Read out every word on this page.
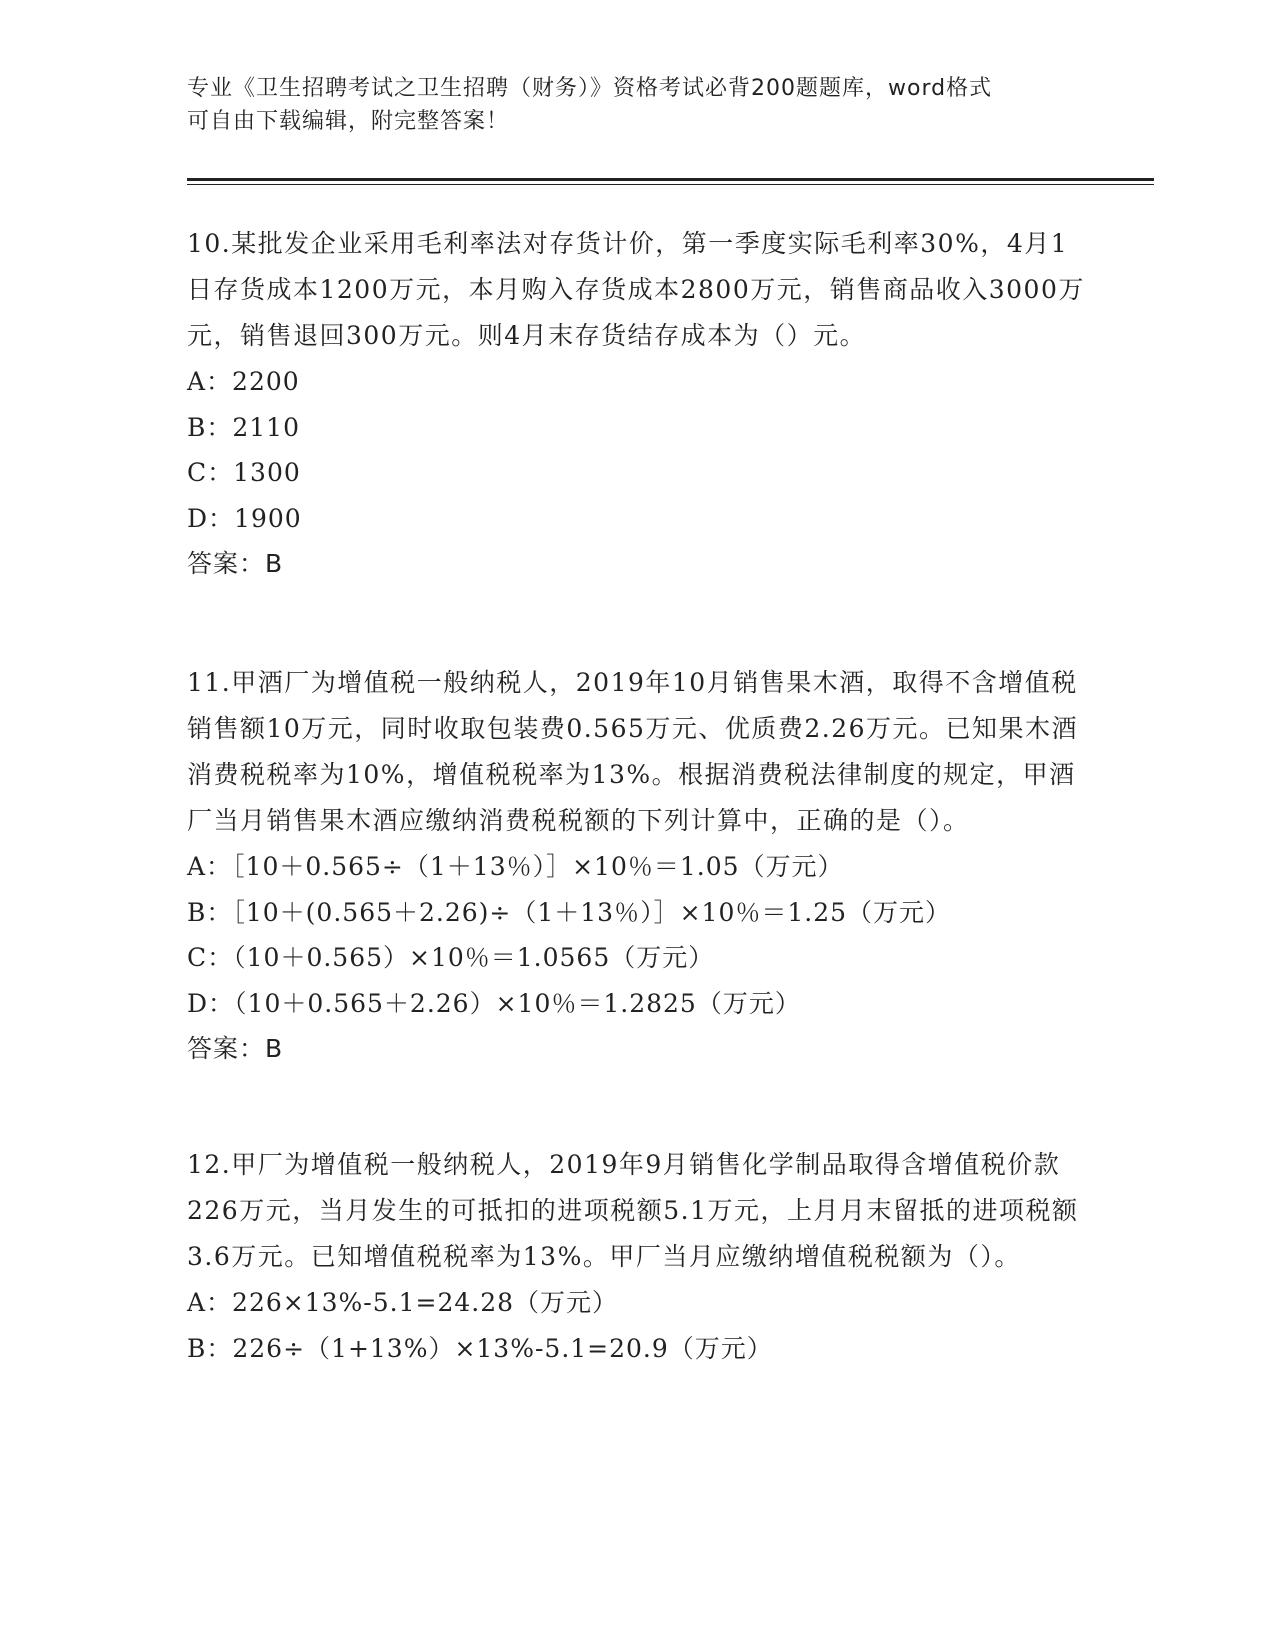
专业《卫生招聘考试之卫生招聘（财务）》资格考试必背200题题库，word格式
可自由下载编辑，附完整答案！

10.某批发企业采用毛利率法对存货计价，第一季度实际毛利率30%，4月1日存货成本1200万元，本月购入存货成本2800万元，销售商品收入3000万元，销售退回300万元。则4月末存货结存成本为（）元。

A：2200

B：2110

C：1300

D：1900

答案：B

11.甲酒厂为增值税一般纳税人，2019年10月销售果木酒，取得不含增值税销售额10万元，同时收取包装费0.565万元、优质费2.26万元。已知果木酒消费税税率为10%，增值税税率为13%。根据消费税法律制度的规定，甲酒厂当月销售果木酒应缴纳消费税税额的下列计算中，正确的是（）。

A：［10＋0.565÷（1＋13％）］×10％＝1.05（万元）

B：［10＋(0.565＋2.26)÷（1＋13％）］×10％＝1.25（万元）

C：（10＋0.565）×10％＝1.0565（万元）

D：（10＋0.565＋2.26）×10％＝1.2825（万元）

答案：B

12.甲厂为增值税一般纳税人，2019年9月销售化学制品取得含增值税价款226万元，当月发生的可抵扣的进项税额5.1万元，上月月末留抵的进项税额3.6万元。已知增值税税率为13%。甲厂当月应缴纳增值税税额为（）。

A：226×13%-5.1=24.28（万元）

B：226÷（1+13%）×13%-5.1=20.9（万元）
